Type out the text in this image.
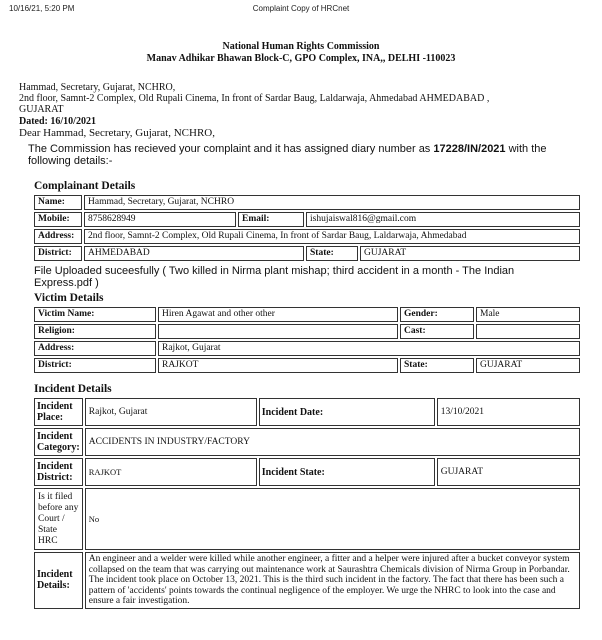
10/16/21, 5:20 PM	Complaint Copy of HRCnet
National Human Rights Commission
Manav Adhikar Bhawan Block-C, GPO Complex, INA,, DELHI -110023
Hammad, Secretary, Gujarat, NCHRO,
2nd floor, Samnt-2 Complex, Old Rupali Cinema, In front of Sardar Baug, Laldarwaja, Ahmedabad AHMEDABAD ,
GUJARAT
Dated: 16/10/2021
Dear Hammad, Secretary, Gujarat, NCHRO,
The Commission has recieved your complaint and it has assigned diary number as 17228/IN/2021 with the following details:-
Complainant Details
Name:	Hammad, Secretary, Gujarat, NCHRO			
Mobile:	8758628949	Email:	ishujaiswal816@gmail.com	
Address:	2nd floor, Samnt-2 Complex, Old Rupali Cinema, In front of Sardar Baug, Laldarwaja, Ahmedabad			
District:	AHMEDABAD		State:	GUJARAT
File Uploaded suceesfully ( Two killed in Nirma plant mishap; third accident in a month - The Indian Express.pdf )
Victim Details
Victim Name:	Hiren Agawat and other other	Gender:	Male
Religion:		Cast:	
Address:	Rajkot, Gujarat		
District:	RAJKOT	State:	GUJARAT
Incident Details
Incident Place:	Rajkot, Gujarat	Incident Date:	13/10/2021
Incident Category:	ACCIDENTS IN INDUSTRY/FACTORY		
Incident District:	RAJKOT	Incident State:	GUJARAT
Is it filed before any Court / State HRC	No		
Incident Details:	An engineer and a welder were killed while another engineer, a fitter and a helper were injured after a bucket conveyor system collapsed on the team that was carrying out maintenance work at Saurashtra Chemicals division of Nirma Group in Porbandar. The incident took place on October 13, 2021. This is the third such incident in the factory. The fact that there has been such a pattern of 'accidents' points towards the continual negligence of the employer. We urge the NHRC to look into the case and ensure a fair investigation.		
